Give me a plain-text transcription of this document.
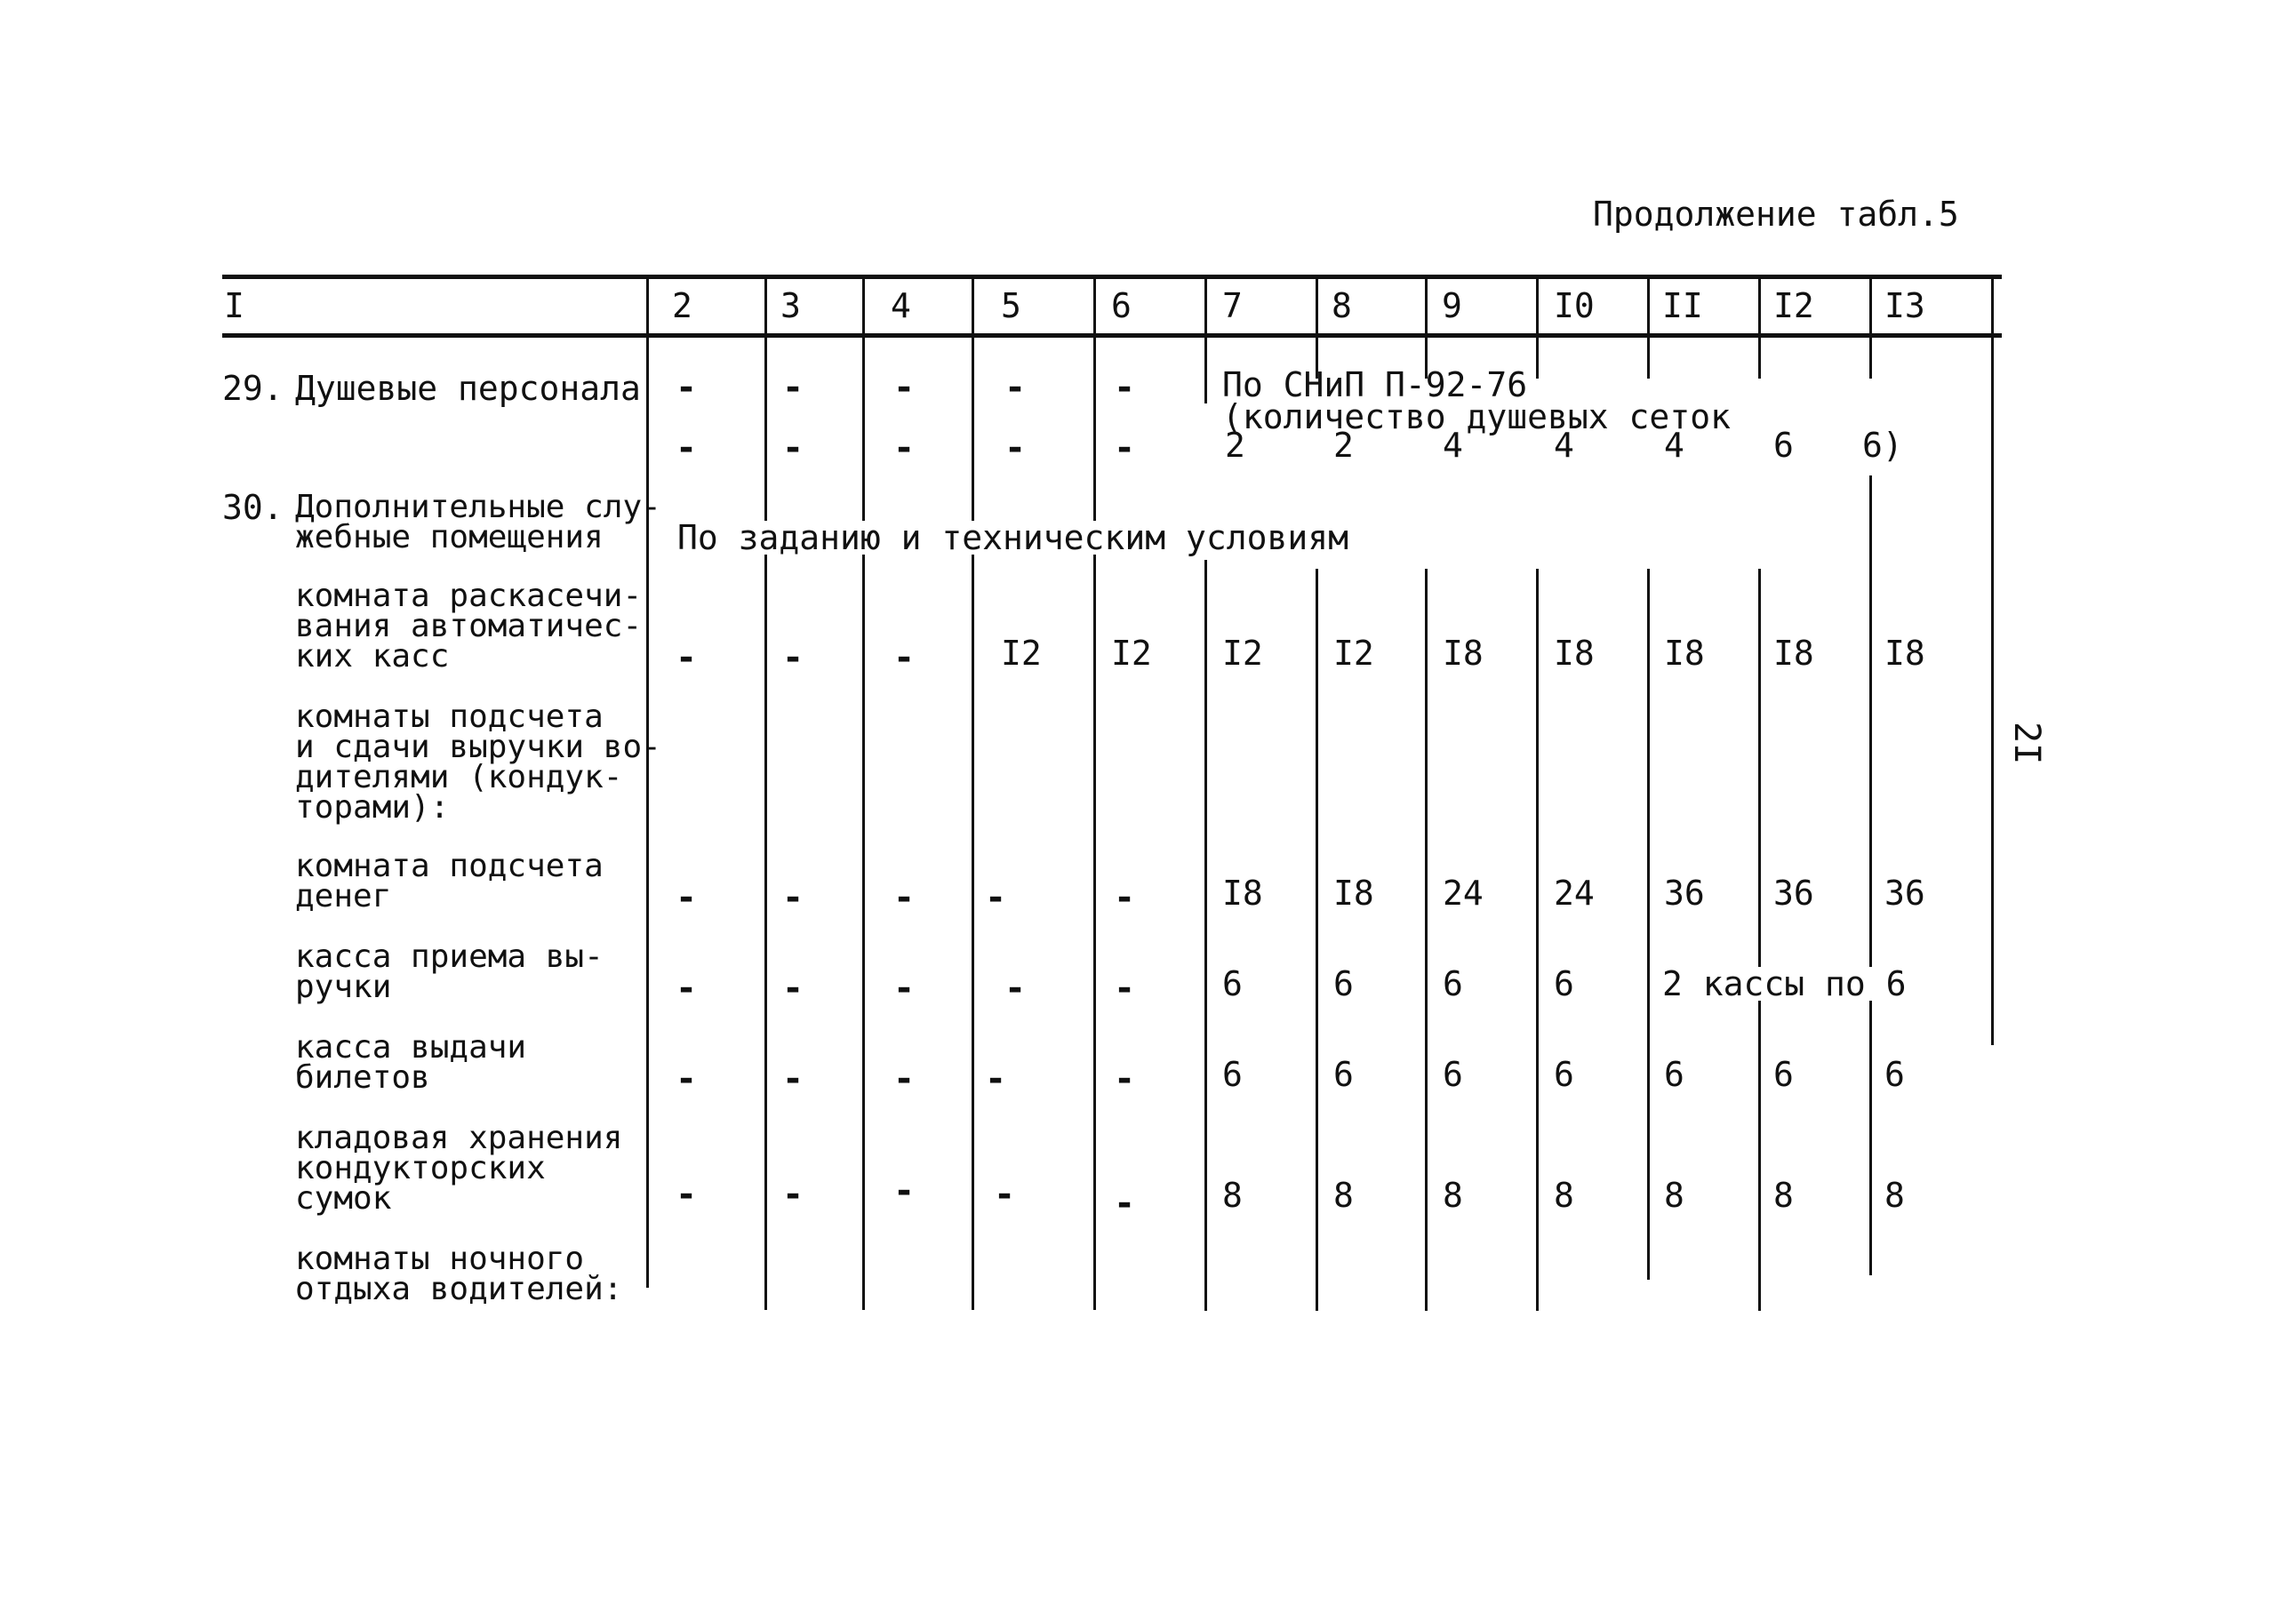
Продолжение табл.5
2I
I	2	3	4	5	6	7	8	9	I0 II I2 I3
29. Душевые персонала - -	-	- -
- -	-	- -
По СНиП П-92-76
(количество душевых сеток
2	2	4	4	4	6 6)
30. Дополнительные слу-
жебные помещения По заданию и техническим условиям
комната раскасечи-
вания автоматичес-
ких касс	- -	-	I2 I2 I2 I2 I8 I8 I8 I8 I8
комнаты подсчета
и сдачи выручки во-
дителями (кондук-
торами):
комната подсчета
денег	- -	- -	-	I8 I8 24 24 36 36 36
касса приема вы-
ручки	- -	-	- -	6	6	6	6	2 кассы по 6
касса выдачи
билетов	- -	- -	-	6	6	6	6	6	6	6
кладовая хранения
кондукторских
сумок	- -	- -	-	8	8	8	8	8	8	8
комнаты ночного
отдыха водителей:
